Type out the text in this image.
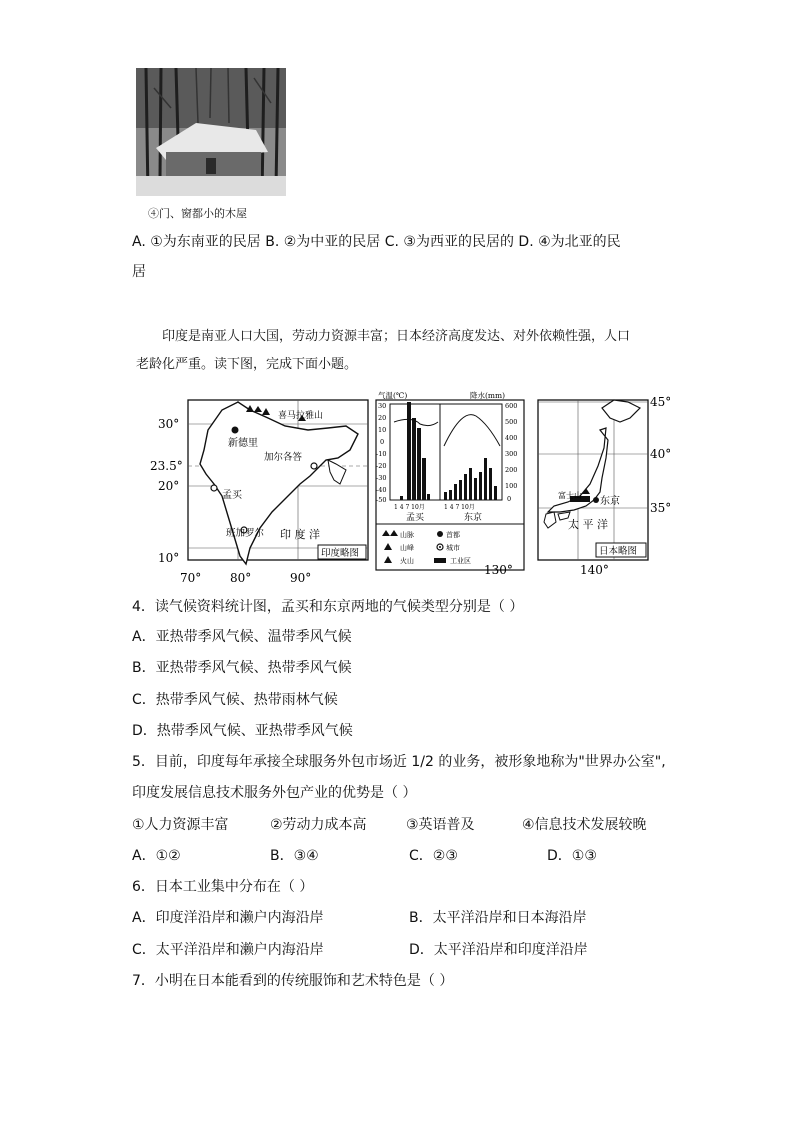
④门、窗都小的木屋
A. ①为东南亚的民居 B. ②为中亚的民居 C. ③为西亚的民居的 D. ④为北亚的民
居
印度是南亚人口大国，劳动力资源丰富；日本经济高度发达、对外依赖性强，人口
老龄化严重。读下图，完成下面小题。
新德里
加尔各答
孟买
班加罗尔
喜马拉雅山
印 度 洋
印度略图
30°
23.5°
20°
10°
70° 80°	90°
气温(℃)	降水(mm)
30
20
10
0
-10
-20
-30
-40
-50
600
500
400
300
200
100
0
1 4 7 10月	1 4 7 10月
孟买	东京
山脉	首都
山峰	城市
火山	工业区
富士山
东京
太 平 洋
日本略图
45°
40°
35°
130°	140°
4．读气候资料统计图，孟买和东京两地的气候类型分别是（ ）
A．亚热带季风气候、温带季风气候
B．亚热带季风气候、热带季风气候
C．热带季风气候、热带雨林气候
D．热带季风气候、亚热带季风气候
5．目前，印度每年承接全球服务外包市场近 1/2 的业务，被形象地称为"世界办公室",
印度发展信息技术服务外包产业的优势是（ ）
①人力资源丰富	②劳动力成本高	③英语普及	④信息技术发展较晚
A．①②	B．③④	C．②③	D．①③
6．日本工业集中分布在（ ）
A．印度洋沿岸和濑户内海沿岸	B．太平洋沿岸和日本海沿岸
C．太平洋沿岸和濑户内海沿岸	D．太平洋沿岸和印度洋沿岸
7．小明在日本能看到的传统服饰和艺术特色是（ ）
